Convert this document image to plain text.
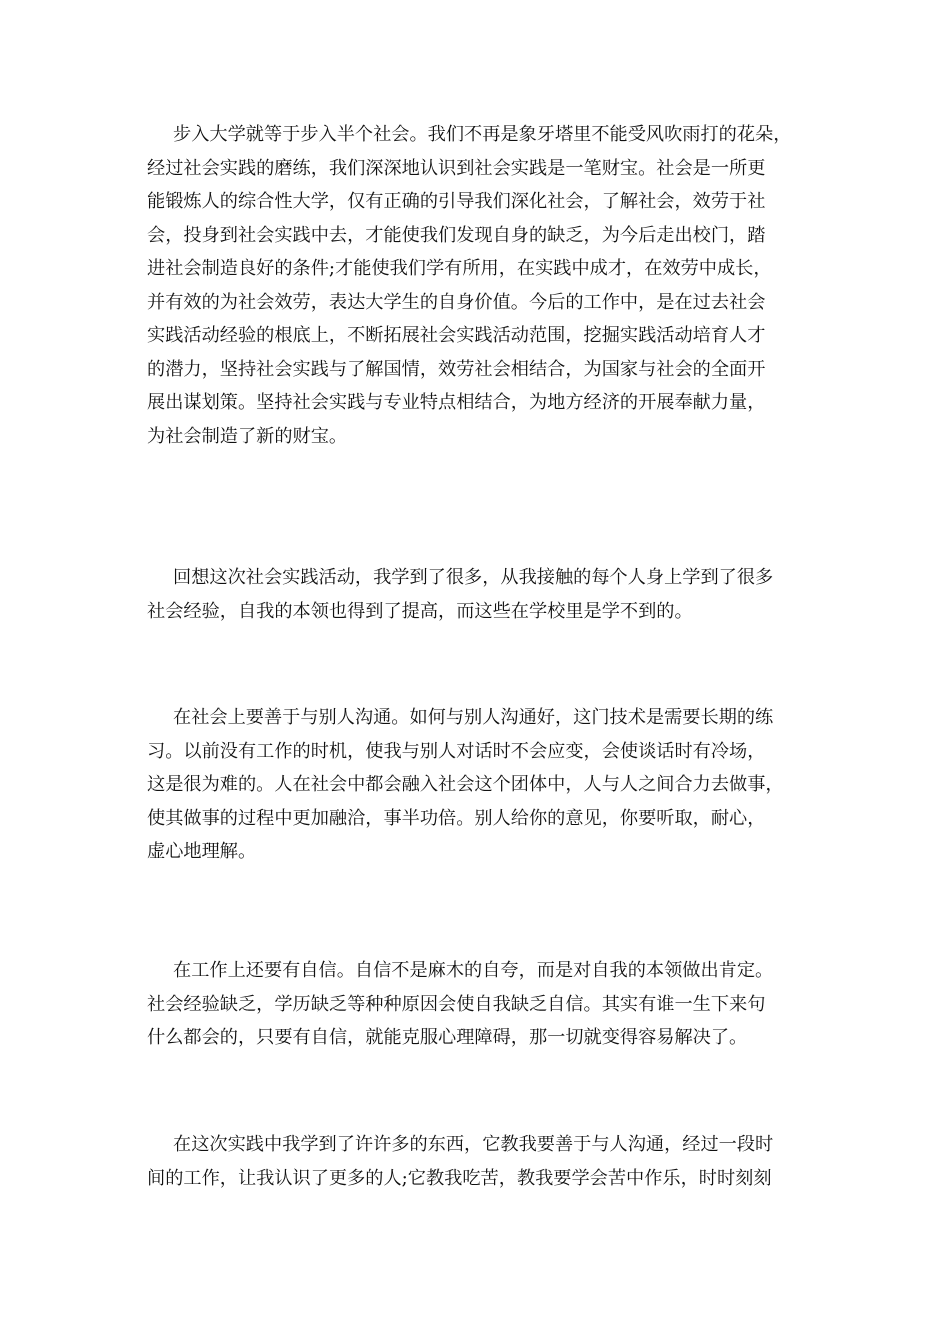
步入大学就等于步入半个社会。我们不再是象牙塔里不能受风吹雨打的花朵，
经过社会实践的磨练，我们深深地认识到社会实践是一笔财宝。社会是一所更
能锻炼人的综合性大学，仅有正确的引导我们深化社会，了解社会，效劳于社
会，投身到社会实践中去，才能使我们发现自身的缺乏，为今后走出校门，踏
进社会制造良好的条件;才能使我们学有所用，在实践中成才，在效劳中成长，
并有效的为社会效劳，表达大学生的自身价值。今后的工作中，是在过去社会
实践活动经验的根底上，不断拓展社会实践活动范围，挖掘实践活动培育人才
的潜力，坚持社会实践与了解国情，效劳社会相结合，为国家与社会的全面开
展出谋划策。坚持社会实践与专业特点相结合，为地方经济的开展奉献力量，
为社会制造了新的财宝。
回想这次社会实践活动，我学到了很多，从我接触的每个人身上学到了很多
社会经验，自我的本领也得到了提高，而这些在学校里是学不到的。
在社会上要善于与别人沟通。如何与别人沟通好，这门技术是需要长期的练
习。以前没有工作的时机，使我与别人对话时不会应变，会使谈话时有冷场，
这是很为难的。人在社会中都会融入社会这个团体中，人与人之间合力去做事，
使其做事的过程中更加融洽，事半功倍。别人给你的意见，你要听取，耐心，
虚心地理解。
在工作上还要有自信。自信不是麻木的自夸，而是对自我的本领做出肯定。
社会经验缺乏，学历缺乏等种种原因会使自我缺乏自信。其实有谁一生下来句
什么都会的，只要有自信，就能克服心理障碍，那一切就变得容易解决了。
在这次实践中我学到了许许多的东西，它教我要善于与人沟通，经过一段时
间的工作，让我认识了更多的人;它教我吃苦，教我要学会苦中作乐，时时刻刻
